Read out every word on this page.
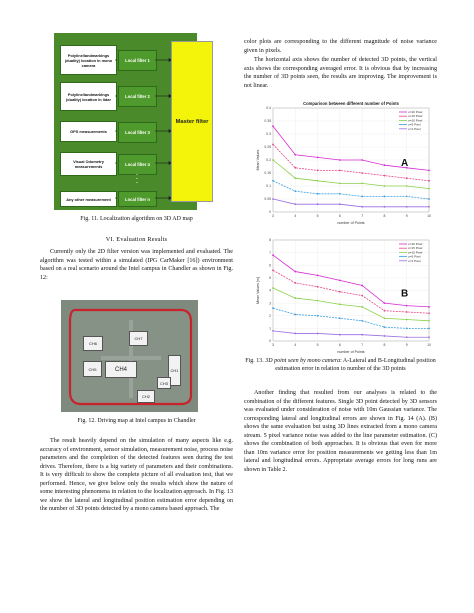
Polyline/landmarkings (duality) location in mono camera
Polyline/landmarkings (duality) location in lidar
GPS measurements
Visual Odometry measurements
Any other measurement
Local filter 1
Local filter 2
Local filter 3
Local filter 4
Local filter n
•
•
•
Master filter

Fig. 11. Localization algorithm on 3D AD map

VI. Evaluation Results

Currently only the 2D filter version was implemented and evaluated. The algorithm was tested within a simulated (IPG CarMaker [16]) environment based on a real scenario around the Intel campus in Chandler as shown in Fig. 12:

CH6
CH7
CH5	CH4	CH1
CH2
CH3

Fig. 12. Driving map at Intel campus in Chandler

The result heavily depend on the simulation of many aspects like e.g. accuracy of environment, sensor simulation, measurement noise, process noise parameters and the completion of the detected features seen during the test drives. Therefore, there is a big variety of parameters and their combinations. It is very difficult to show the complete picture of all evaluation test, that we performed. Hence, we give below only the results which show the nature of some interesting phenomena in relation to the localization approach. In Fig. 13 we show the lateral and longitudinal position estimation error depending on the number of 3D points detected by a mono camera based approach. The

color plots are corresponding to the different magnitude of noise variance given in pixels.

The horizontal axis shows the number of detected 3D points, the vertical axis shows the corresponding averaged error. It is obvious that by increasing the number of 3D points seen, the results are improving. The improvement is not linear.

Comparison between different number of Points
0
0.05
0.1
0.15
0.2
0.25
0.3
0.35
0.4
3	4	5	6	7	8	9	10
number of Points
Mean Values
σ=20 Pixel
σ=15 Pixel
σ=10 Pixel
σ=5 Pixel
σ=1 Pixel
A
0
1
2
3
4
5
6
7
8
3	4	5	6	7	8	9	10
number of Points
Mean Values [m]
σ=20 Pixel
σ=15 Pixel
σ=10 Pixel
σ=5 Pixel
σ=1 Pixel
B

Fig. 13. 3D point seen by mono camera: A-Lateral and B-Longitudinal position estimation error in relation to number of the 3D points

Another finding that resulted from our analyses is related to the combination of the different features. Single 3D point detected by 3D sensors was evaluated under consideration of noise with 10m Gaussian variance. The corresponding lateral and longitudinal errors are shown in Fig. 14 (A). (B) shows the same evaluation but using 3D lines extracted from a mono camera stream. 5 pixel variance noise was added to the line parameter estimation. (C) shows the combination of both approaches. It is obvious that even for more than 10m variance error for position measurements we getting less than 1m lateral and longitudinal errors. Appropriate average errors for long runs are shown in Table 2.
